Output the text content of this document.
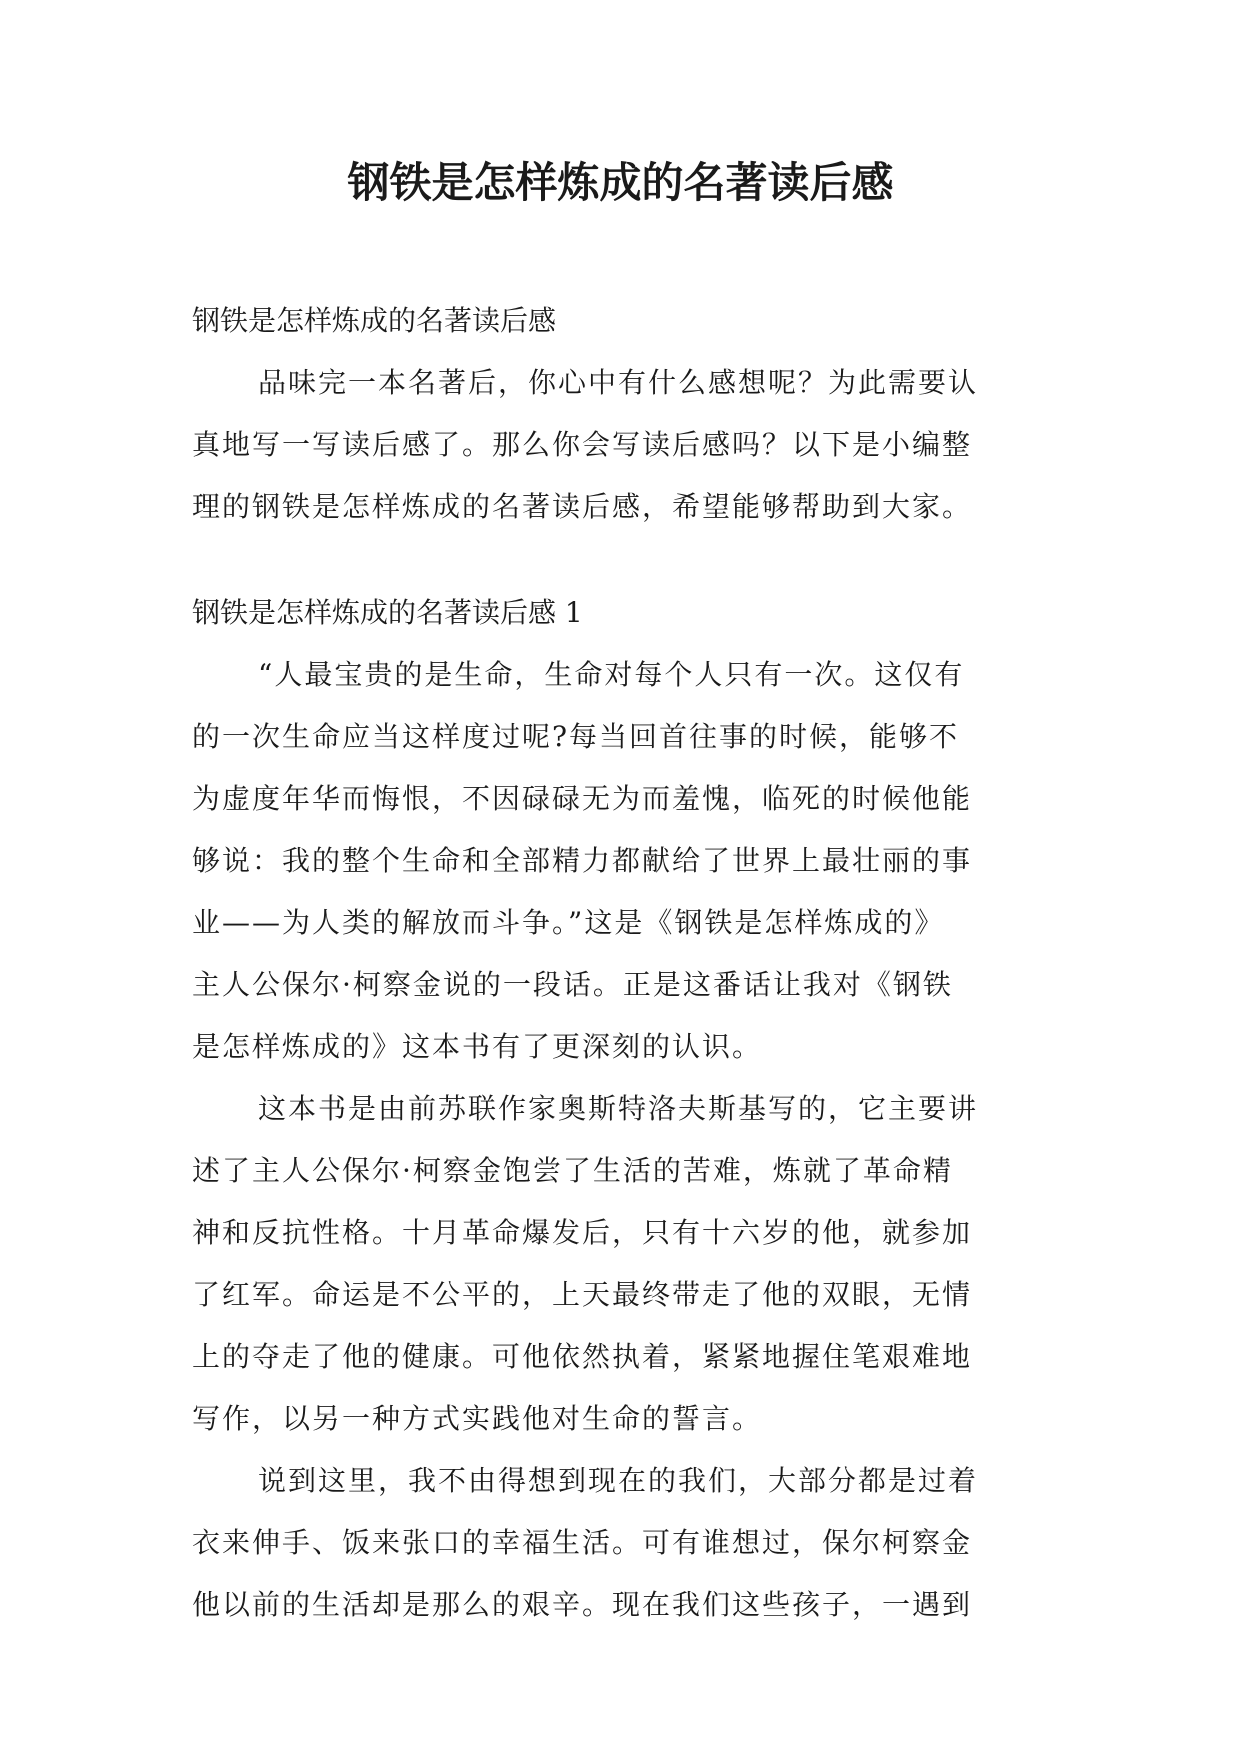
钢铁是怎样炼成的名著读后感
钢铁是怎样炼成的名著读后感
品味完一本名著后，你心中有什么感想呢？为此需要认
真地写一写读后感了。那么你会写读后感吗？以下是小编整
理的钢铁是怎样炼成的名著读后感，希望能够帮助到大家。
钢铁是怎样炼成的名著读后感 1
“人最宝贵的是生命，生命对每个人只有一次。这仅有
的一次生命应当这样度过呢?每当回首往事的时候，能够不
为虚度年华而悔恨，不因碌碌无为而羞愧，临死的时候他能
够说：我的整个生命和全部精力都献给了世界上最壮丽的事
业——为人类的解放而斗争。”这是《钢铁是怎样炼成的》
主人公保尔·柯察金说的一段话。正是这番话让我对《钢铁
是怎样炼成的》这本书有了更深刻的认识。
这本书是由前苏联作家奥斯特洛夫斯基写的，它主要讲
述了主人公保尔·柯察金饱尝了生活的苦难，炼就了革命精
神和反抗性格。十月革命爆发后，只有十六岁的他，就参加
了红军。命运是不公平的，上天最终带走了他的双眼，无情
上的夺走了他的健康。可他依然执着，紧紧地握住笔艰难地
写作，以另一种方式实践他对生命的誓言。
说到这里，我不由得想到现在的我们，大部分都是过着
衣来伸手、饭来张口的幸福生活。可有谁想过，保尔柯察金
他以前的生活却是那么的艰辛。现在我们这些孩子，一遇到
